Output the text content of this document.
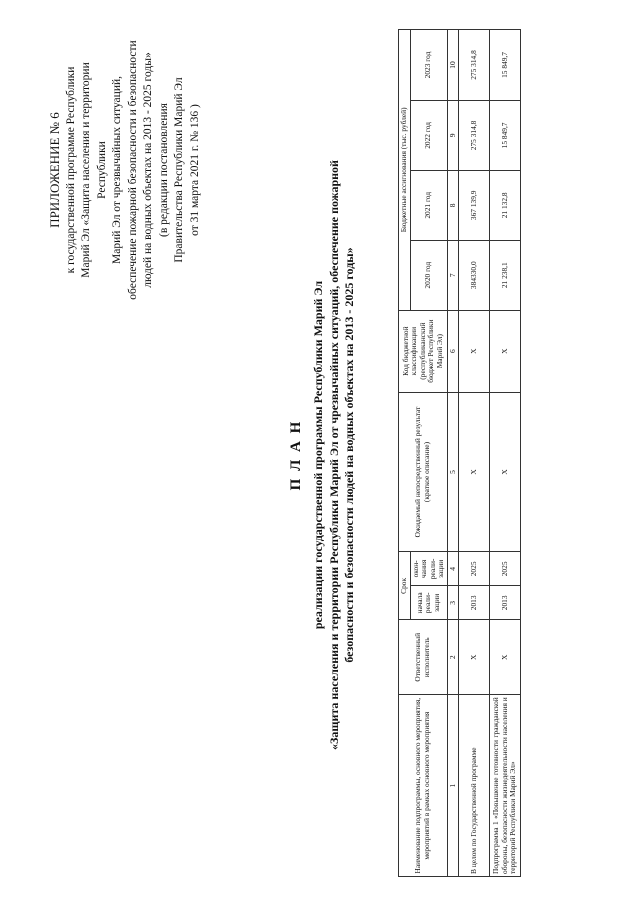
ПРИЛОЖЕНИЕ № 6 к государственной программе Республики Марий Эл «Защита населения и территории Республики Марий Эл от чрезвычайных ситуаций, обеспечение пожарной безопасности и безопасности людей на водных объектах на 2013 - 2025 годы» (в редакции постановления Правительства Республики Марий Эл от 31 марта 2021 г. № 136 )
П Л А Н реализации государственной программы Республики Марий Эл «Защита населения и территории Республики Марий Эл от чрезвычайных ситуаций, обеспечение пожарной безопасности и безопасности людей на водных объектах на 2013 - 2025 годы»
Наименование подпрограммы, основного мероприятия, мероприятий в рамках основного мероприятия	Ответственный исполнитель	Срок		Ожидаемый непосредственный результат (краткое описание)	Код бюджетной классификации (республиканский бюджет Республики Марий Эл)	Бюджетные ассигнования (тыс. рублей)			
		начала реали-зации	окон-чания реали-зации			2020 год	2021 год	2022 год	2023 год
1	2	3	4	5	6	7	8	9	10
В целом по Государственной программе	Х	2013	2025	Х	Х	384330,0	367 139,9	275 314,8	275 314,8
Подпрограмма 1 «Повышение готовности гражданской обороны, безопасности жизнедеятельности населения и территорий Республики Марий Эл»	Х	2013	2025	Х	Х	21 238,1	21 132,8	15 849,7	15 849,7
